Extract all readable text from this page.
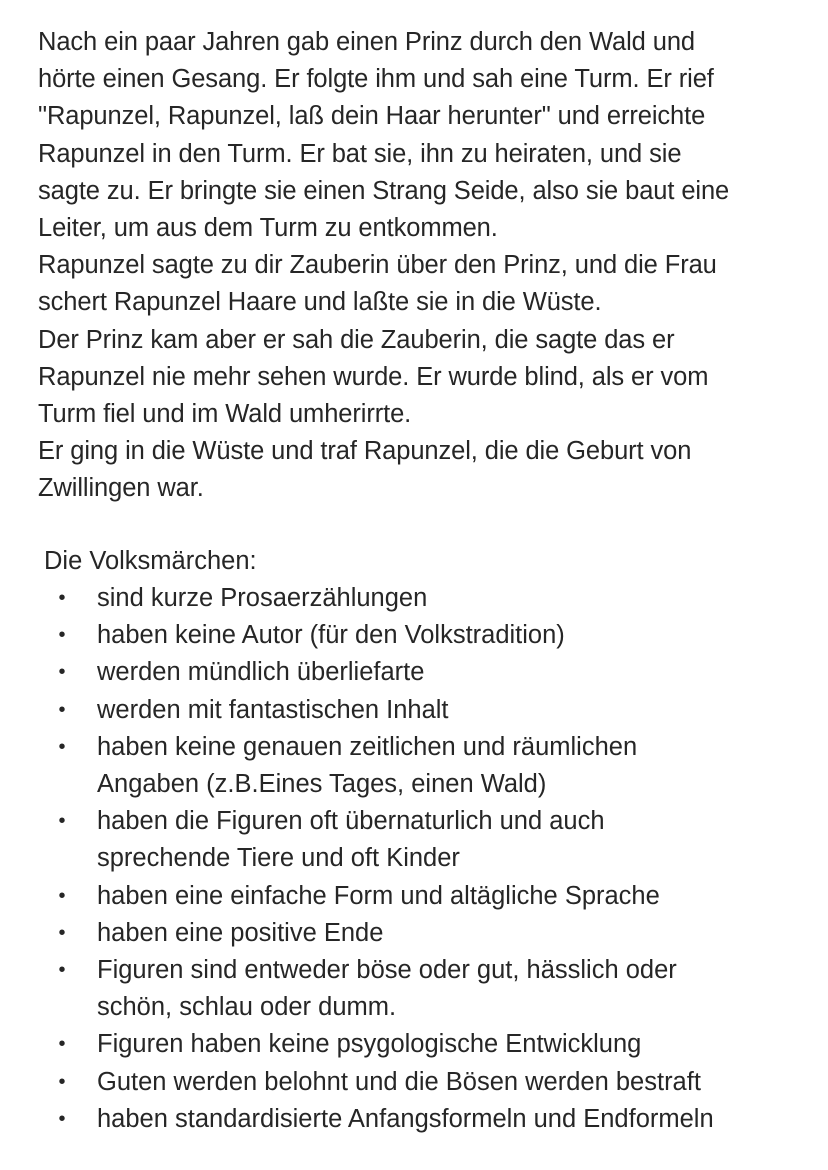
Nach ein paar Jahren gab einen Prinz durch den Wald und
hörte einen Gesang. Er folgte ihm und sah eine Turm. Er rief
"Rapunzel, Rapunzel, laß dein Haar herunter" und erreichte
Rapunzel in den Turm. Er bat sie, ihn zu heiraten, und sie
sagte zu. Er bringte sie einen Strang Seide, also sie baut eine
Leiter, um aus dem Turm zu entkommen.

Rapunzel sagte zu dir Zauberin über den Prinz, und die Frau
schert Rapunzel Haare und laßte sie in die Wüste.

Der Prinz kam aber er sah die Zauberin, die sagte das er
Rapunzel nie mehr sehen wurde. Er wurde blind, als er vom
Turm fiel und im Wald umherirrte.

Er ging in die Wüste und traf Rapunzel, die die Geburt von
Zwillingen war.

Die Volksmärchen:

• sind kurze Prosaerzählungen
• haben keine Autor (für den Volkstradition)
• werden mündlich überliefarte
• werden mit fantastischen Inhalt
• haben keine genauen zeitlichen und räumlichen
Angaben (z.B.Eines Tages, einen Wald)
• haben die Figuren oft übernaturlich und auch
sprechende Tiere und oft Kinder
• haben eine einfache Form und altägliche Sprache
• haben eine positive Ende
• Figuren sind entweder böse oder gut, hässlich oder
schön, schlau oder dumm.
• Figuren haben keine psygologische Entwicklung
• Guten werden belohnt und die Bösen werden bestraft
• haben standardisierte Anfangsformeln und Endformeln
